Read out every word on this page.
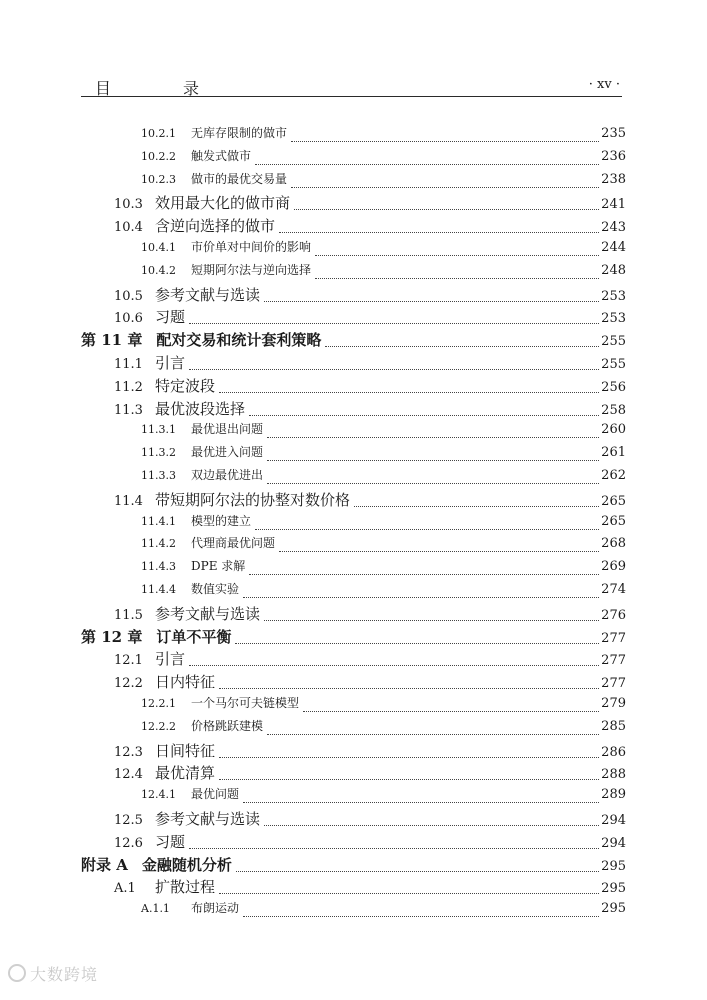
目　录	· xv ·
10.2.1	无库存限制的做市	235
10.2.2	触发式做市	236
10.2.3	做市的最优交易量	238
10.3 效用最大化的做市商	241
10.4 含逆向选择的做市	243
10.4.1	市价单对中间价的影响	244
10.4.2	短期阿尔法与逆向选择	248
10.5 参考文献与选读	253
10.6 习题	253
第 11 章 配对交易和统计套利策略	255
11.1 引言	255
11.2 特定波段	256
11.3 最优波段选择	258
11.3.1	最优退出问题	260
11.3.2	最优进入问题	261
11.3.3	双边最优进出	262
11.4 带短期阿尔法的协整对数价格	265
11.4.1	模型的建立	265
11.4.2	代理商最优问题	268
11.4.3	DPE 求解	269
11.4.4	数值实验	274
11.5 参考文献与选读	276
第 12 章 订单不平衡	277
12.1 引言	277
12.2 日内特征	277
12.2.1	一个马尔可夫链模型	279
12.2.2	价格跳跃建模	285
12.3 日间特征	286
12.4 最优清算	288
12.4.1	最优问题	289
12.5 参考文献与选读	294
12.6 习题	294
附录 A 金融随机分析	295
A.1	扩散过程	295
A.1.1	布朗运动	295
大数跨境
